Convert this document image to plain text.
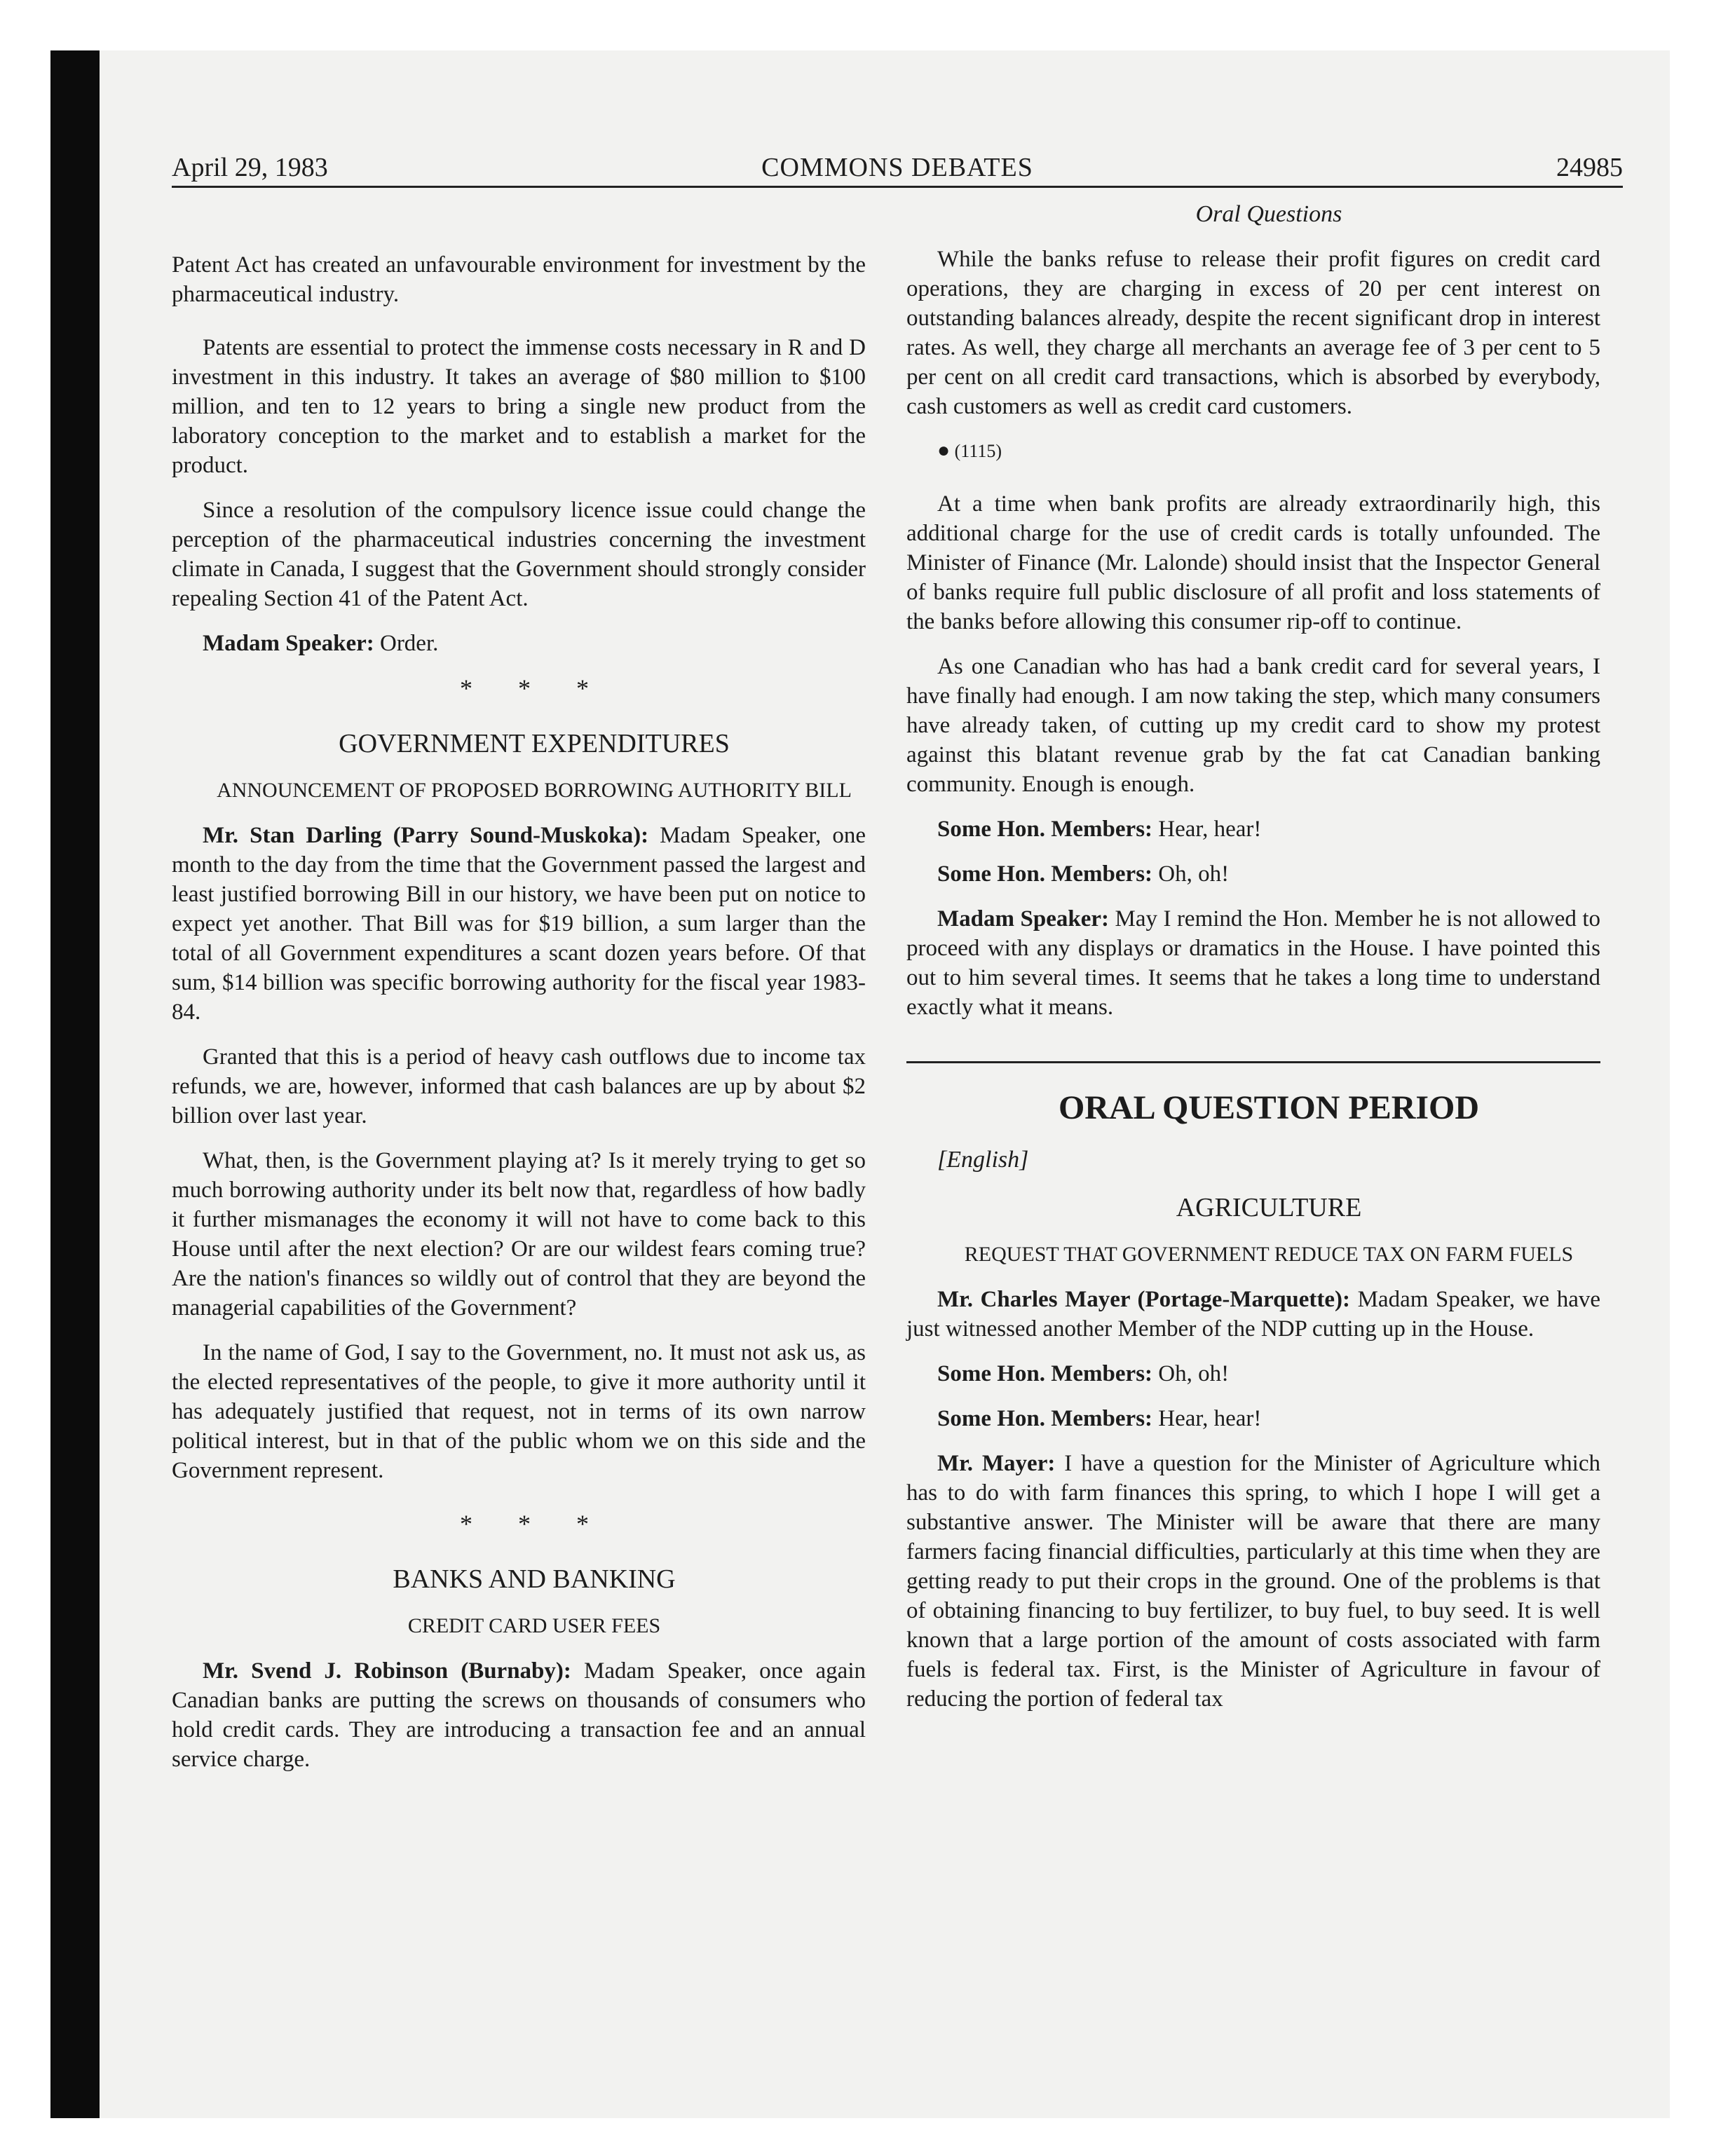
April 29, 1983	COMMONS DEBATES	24985

Patent Act has created an unfavourable environment for investment by the pharmaceutical industry.

Patents are essential to protect the immense costs necessary in R and D investment in this industry. It takes an average of $80 million to $100 million, and ten to 12 years to bring a single new product from the laboratory conception to the market and to establish a market for the product.

Since a resolution of the compulsory licence issue could change the perception of the pharmaceutical industries concerning the investment climate in Canada, I suggest that the Government should strongly consider repealing Section 41 of the Patent Act.

Madam Speaker: Order.

* * *

GOVERNMENT EXPENDITURES

ANNOUNCEMENT OF PROPOSED BORROWING AUTHORITY BILL

Mr. Stan Darling (Parry Sound-Muskoka): Madam Speaker, one month to the day from the time that the Government passed the largest and least justified borrowing Bill in our history, we have been put on notice to expect yet another. That Bill was for $19 billion, a sum larger than the total of all Government expenditures a scant dozen years before. Of that sum, $14 billion was specific borrowing authority for the fiscal year 1983-84.

Granted that this is a period of heavy cash outflows due to income tax refunds, we are, however, informed that cash balances are up by about $2 billion over last year.

What, then, is the Government playing at? Is it merely trying to get so much borrowing authority under its belt now that, regardless of how badly it further mismanages the economy it will not have to come back to this House until after the next election? Or are our wildest fears coming true? Are the nation's finances so wildly out of control that they are beyond the managerial capabilities of the Government?

In the name of God, I say to the Government, no. It must not ask us, as the elected representatives of the people, to give it more authority until it has adequately justified that request, not in terms of its own narrow political interest, but in that of the public whom we on this side and the Government represent.

* * *

BANKS AND BANKING

CREDIT CARD USER FEES

Mr. Svend J. Robinson (Burnaby): Madam Speaker, once again Canadian banks are putting the screws on thousands of consumers who hold credit cards. They are introducing a transaction fee and an annual service charge.

Oral Questions

While the banks refuse to release their profit figures on credit card operations, they are charging in excess of 20 per cent interest on outstanding balances already, despite the recent significant drop in interest rates. As well, they charge all merchants an average fee of 3 per cent to 5 per cent on all credit card transactions, which is absorbed by everybody, cash customers as well as credit card customers.

● (1115)

At a time when bank profits are already extraordinarily high, this additional charge for the use of credit cards is totally unfounded. The Minister of Finance (Mr. Lalonde) should insist that the Inspector General of banks require full public disclosure of all profit and loss statements of the banks before allowing this consumer rip-off to continue.

As one Canadian who has had a bank credit card for several years, I have finally had enough. I am now taking the step, which many consumers have already taken, of cutting up my credit card to show my protest against this blatant revenue grab by the fat cat Canadian banking community. Enough is enough.

Some Hon. Members: Hear, hear!

Some Hon. Members: Oh, oh!

Madam Speaker: May I remind the Hon. Member he is not allowed to proceed with any displays or dramatics in the House. I have pointed this out to him several times. It seems that he takes a long time to understand exactly what it means.

ORAL QUESTION PERIOD

[English]

AGRICULTURE

REQUEST THAT GOVERNMENT REDUCE TAX ON FARM FUELS

Mr. Charles Mayer (Portage-Marquette): Madam Speaker, we have just witnessed another Member of the NDP cutting up in the House.

Some Hon. Members: Oh, oh!

Some Hon. Members: Hear, hear!

Mr. Mayer: I have a question for the Minister of Agriculture which has to do with farm finances this spring, to which I hope I will get a substantive answer. The Minister will be aware that there are many farmers facing financial difficulties, particularly at this time when they are getting ready to put their crops in the ground. One of the problems is that of obtaining financing to buy fertilizer, to buy fuel, to buy seed. It is well known that a large portion of the amount of costs associated with farm fuels is federal tax. First, is the Minister of Agriculture in favour of reducing the portion of federal tax
